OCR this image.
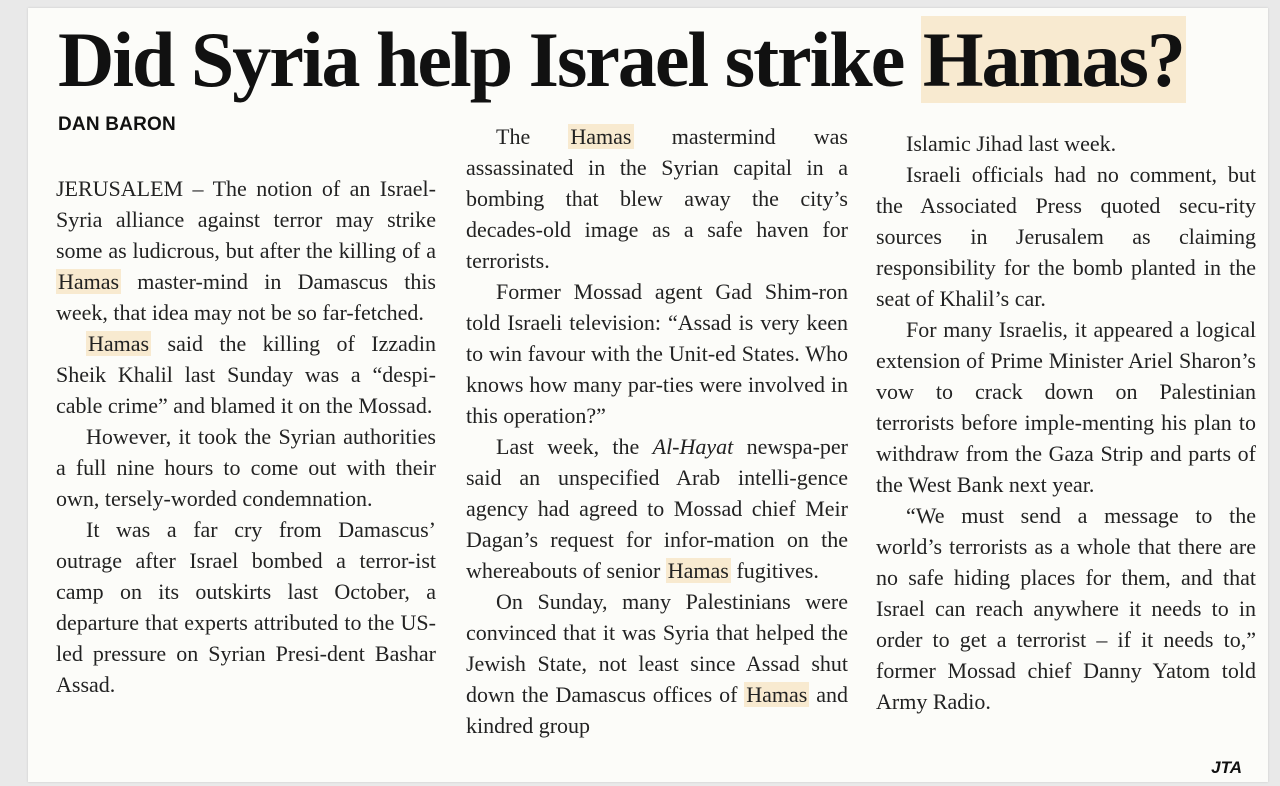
Did Syria help Israel strike Hamas?
DAN BARON

JERUSALEM – The notion of an Israel-Syria alliance against terror may strike some as ludicrous, but after the killing of a Hamas master-mind in Damascus this week, that idea may not be so far-fetched.

Hamas said the killing of Izzadin Sheik Khalil last Sunday was a “despi-cable crime” and blamed it on the Mossad.

However, it took the Syrian authorities a full nine hours to come out with their own, tersely-worded condemnation.

It was a far cry from Damascus’ outrage after Israel bombed a terror-ist camp on its outskirts last October, a departure that experts attributed to the US-led pressure on Syrian Presi-dent Bashar Assad.

The Hamas mastermind was assassinated in the Syrian capital in a bombing that blew away the city’s decades-old image as a safe haven for terrorists.

Former Mossad agent Gad Shim-ron told Israeli television: “Assad is very keen to win favour with the Unit-ed States. Who knows how many par-ties were involved in this operation?”

Last week, the Al-Hayat newspa-per said an unspecified Arab intelli-gence agency had agreed to Mossad chief Meir Dagan’s request for infor-mation on the whereabouts of senior Hamas fugitives.

On Sunday, many Palestinians were convinced that it was Syria that helped the Jewish State, not least since Assad shut down the Damascus offices of Hamas and kindred group

Islamic Jihad last week.

Israeli officials had no comment, but the Associated Press quoted secu-rity sources in Jerusalem as claiming responsibility for the bomb planted in the seat of Khalil’s car.

For many Israelis, it appeared a logical extension of Prime Minister Ariel Sharon’s vow to crack down on Palestinian terrorists before imple-menting his plan to withdraw from the Gaza Strip and parts of the West Bank next year.

“We must send a message to the world’s terrorists as a whole that there are no safe hiding places for them, and that Israel can reach anywhere it needs to in order to get a terrorist – if it needs to,” former Mossad chief Danny Yatom told Army Radio.

JTA
